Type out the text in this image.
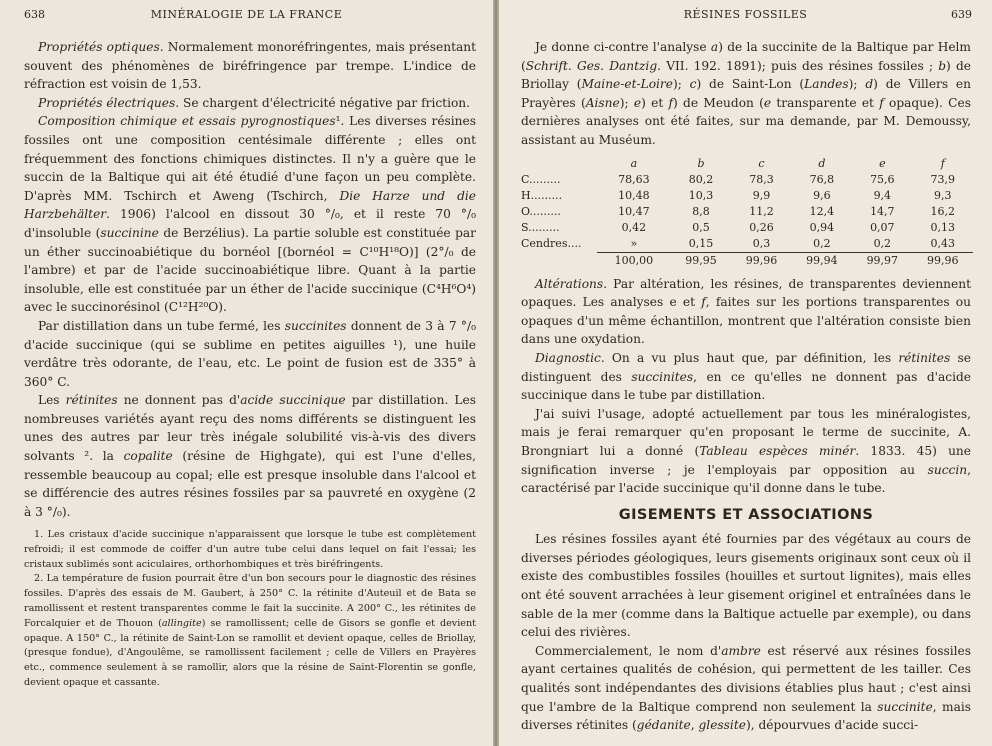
638	MINÉRALOGIE DE LA FRANCE

Propriétés optiques. Normalement monoréfringentes, mais présentant souvent des phénomènes de biréfringence par trempe. L'indice de réfraction est voisin de 1,53.

Propriétés électriques. Se chargent d'électricité négative par friction.

Composition chimique et essais pyrognostiques¹. Les diverses résines fossiles ont une composition centésimale différente ; elles ont fréquemment des fonctions chimiques distinctes. Il n'y a guère que le succin de la Baltique qui ait été étudié d'une façon un peu complète. D'après MM. Tschirch et Aweng (Tschirch, Die Harze und die Harzbehälter. 1906) l'alcool en dissout 30 °/₀, et il reste 70 °/₀ d'insoluble (succinine de Berzélius). La partie soluble est constituée par un éther succinoabiétique du bornéol [(bornéol = C¹⁰H¹⁸O)] (2°/₀ de l'ambre) et par de l'acide succinoabiétique libre. Quant à la partie insoluble, elle est constituée par un éther de l'acide succinique (C⁴H⁶O⁴) avec le succinorésinol (C¹²H²⁰O).

Par distillation dans un tube fermé, les succinites donnent de 3 à 7 °/₀ d'acide succinique (qui se sublime en petites aiguilles ¹), une huile verdâtre très odorante, de l'eau, etc. Le point de fusion est de 335° à 360° C.

Les rétinites ne donnent pas d'acide succinique par distillation. Les nombreuses variétés ayant reçu des noms différents se distinguent les unes des autres par leur très inégale solubilité vis-à-vis des divers solvants ². la copalite (résine de Highgate), qui est l'une d'elles, ressemble beaucoup au copal; elle est presque insoluble dans l'alcool et se différencie des autres résines fossiles par sa pauvreté en oxygène (2 à 3 °/₀).

1. Les cristaux d'acide succinique n'apparaissent que lorsque le tube est complètement refroidi; il est commode de coiffer d'un autre tube celui dans lequel on fait l'essai; les cristaux sublimés sont aciculaires, orthorhombiques et très biréfringents.

2. La température de fusion pourrait être d'un bon secours pour le diagnostic des résines fossiles. D'après des essais de M. Gaubert, à 250° C. la rétinite d'Auteuil et de Bata se ramollissent et restent transparentes comme le fait la succinite. A 200° C., les rétinites de Forcalquier et de Thouon (allingite) se ramollissent; celle de Gisors se gonfle et devient opaque. A 150° C., la rétinite de Saint-Lon se ramollit et devient opaque, celles de Briollay, (presque fondue), d'Angoulême, se ramollissent facilement ; celle de Villers en Prayères etc., commence seulement à se ramollir, alors que la résine de Saint-Florentin se gonfle, devient opaque et cassante.

RÉSINES FOSSILES	639

Je donne ci-contre l'analyse a) de la succinite de la Baltique par Helm (Schrift. Ges. Dantzig. VII. 192. 1891); puis des résines fossiles ; b) de Briollay (Maine-et-Loire); c) de Saint-Lon (Landes); d) de Villers en Prayères (Aisne); e) et f) de Meudon (e transparente et f opaque). Ces dernières analyses ont été faites, sur ma demande, par M. Demoussy, assistant au Muséum.

	a	b	c	d	e	f
C.........	78,63	80,2	78,3	76,8	75,6	73,9
H.........	10,48	10,3	9,9	9,6	9,4	9,3
O.........	10,47	8,8	11,2	12,4	14,7	16,2
S.........	0,42	0,5	0,26	0,94	0,07	0,13
Cendres....	»	0,15	0,3	0,2	0,2	0,43
	100,00	99,95	99,96	99,94	99,97	99,96

Altérations. Par altération, les résines, de transparentes deviennent opaques. Les analyses e et f, faites sur les portions transparentes ou opaques d'un même échantillon, montrent que l'altération consiste bien dans une oxydation.

Diagnostic. On a vu plus haut que, par définition, les rétinites se distinguent des succinites, en ce qu'elles ne donnent pas d'acide succinique dans le tube par distillation.

J'ai suivi l'usage, adopté actuellement par tous les minéralogistes, mais je ferai remarquer qu'en proposant le terme de succinite, A. Brongniart lui a donné (Tableau espèces minér. 1833. 45) une signification inverse ; je l'employais par opposition au succin, caractérisé par l'acide succinique qu'il donne dans le tube.

GISEMENTS ET ASSOCIATIONS

Les résines fossiles ayant été fournies par des végétaux au cours de diverses périodes géologiques, leurs gisements originaux sont ceux où il existe des combustibles fossiles (houilles et surtout lignites), mais elles ont été souvent arrachées à leur gisement originel et entraînées dans le sable de la mer (comme dans la Baltique actuelle par exemple), ou dans celui des rivières.

Commercialement, le nom d'ambre est réservé aux résines fossiles ayant certaines qualités de cohésion, qui permettent de les tailler. Ces qualités sont indépendantes des divisions établies plus haut ; c'est ainsi que l'ambre de la Baltique comprend non seulement la succinite, mais diverses rétinites (gédanite, glessite), dépourvues d'acide succi-
